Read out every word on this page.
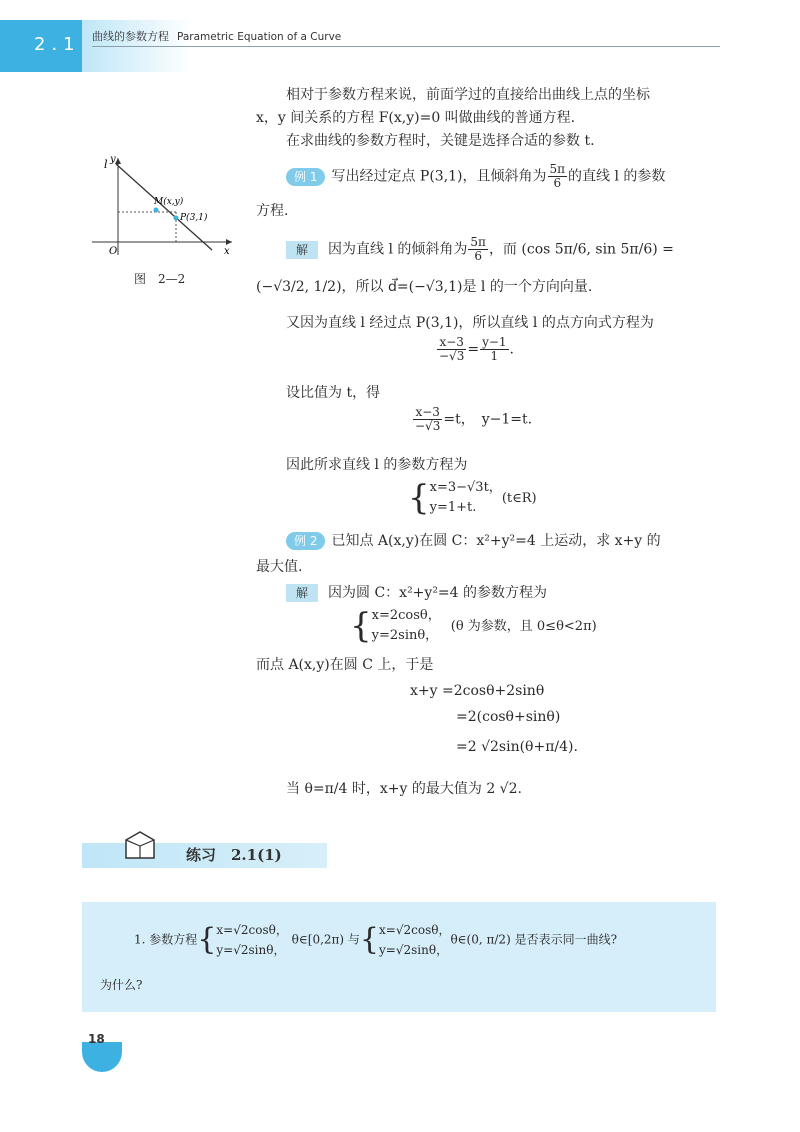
2.1 曲线的参数方程 Parametric Equation of a Curve
相对于参数方程来说，前面学过的直接给出曲线上点的坐标
x，y 间关系的方程 F(x,y)=0 叫做曲线的普通方程.
在求曲线的参数方程时，关键是选择合适的参数 t.
l y
x
O
M(x,y)
P(3,1)
图　2—2
例 1 写出经过定点 P(3,1)，且倾斜角为 $\frac{5\pi}{6}$ 的直线 l 的参数
方程.
解 因为直线 l 的倾斜角为 $\frac{5\pi}{6}$ ，而 (cos 5π/6, sin 5π/6) =
(−√3/2, 1/2)，所以 d⃗=(−√3,1)是 l 的一个方向向量.
又因为直线 l 经过点 P(3,1)，所以直线 l 的点方向式方程为
$\frac{x-3}{-√3} = \frac{y-1}{1}$ .
设比值为 t，得
$\frac{x-3}{-√3} =t$，　y−1=t.
因此所求直线 l 的参数方程为
{ x=3−√3t，
y=1+t.
(t∈R)
例 2 已知点 A(x,y)在圆 C：x²+y²=4 上运动，求 x+y 的
最大值.
解 因为圆 C：x²+y²=4 的参数方程为
{ x=2cosθ，
y=2sinθ，
(θ 为参数，且 0≤θ<2π)
而点 A(x,y)在圆 C 上，于是
x+y =2cosθ+2sinθ
=2(cosθ+sinθ)
=2 √2sin(θ+π/4).
当 θ=π/4 时，x+y 的最大值为 2 √2.
练习　2.1(1)
1. 参数方程{ x=√2cosθ，
y=√2sinθ，
θ∈[0,2π) 与{ x=√2cosθ，
y=√2sinθ，
θ∈(0, π/2) 是否表示同一曲线?
为什么?
18
